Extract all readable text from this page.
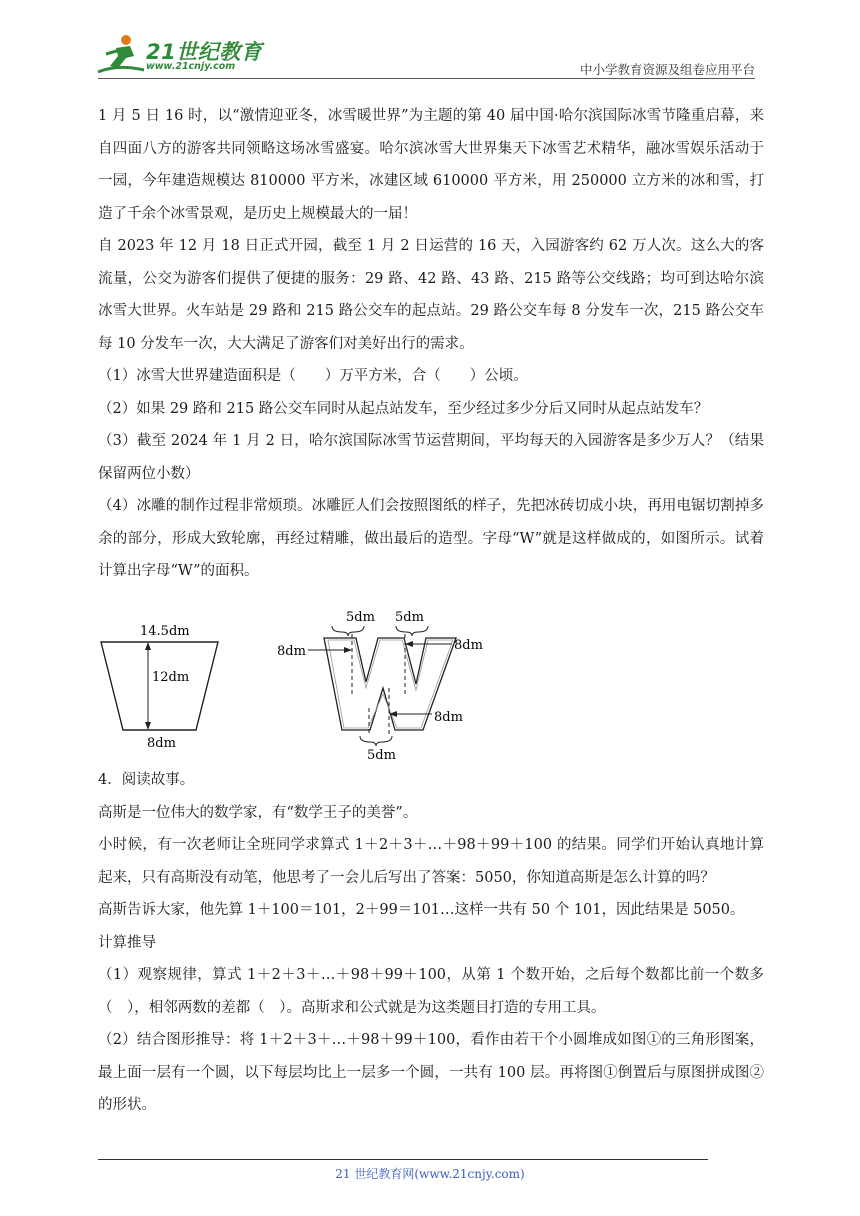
21世纪教育
www.21cnjy.com	中小学教育资源及组卷应用平台

1 月 5 日 16 时，以“激情迎亚冬，冰雪暖世界”为主题的第 40 届中国·哈尔滨国际冰雪节隆重启幕，来自四面八方的游客共同领略这场冰雪盛宴。哈尔滨冰雪大世界集天下冰雪艺术精华，融冰雪娱乐活动于一园，今年建造规模达 810000 平方米，冰建区域 610000 平方米，用 250000 立方米的冰和雪，打造了千余个冰雪景观，是历史上规模最大的一届！

自 2023 年 12 月 18 日正式开园，截至 1 月 2 日运营的 16 天，入园游客约 62 万人次。这么大的客流量，公交为游客们提供了便捷的服务：29 路、42 路、43 路、215 路等公交线路；均可到达哈尔滨冰雪大世界。火车站是 29 路和 215 路公交车的起点站。29 路公交车每 8 分发车一次，215 路公交车每 10 分发车一次，大大满足了游客们对美好出行的需求。

（1）冰雪大世界建造面积是（　　）万平方米，合（　　）公顷。

（2）如果 29 路和 215 路公交车同时从起点站发车，至少经过多少分后又同时从起点站发车？

（3）截至 2024 年 1 月 2 日，哈尔滨国际冰雪节运营期间，平均每天的入园游客是多少万人？（结果保留两位小数）

（4）冰雕的制作过程非常烦琐。冰雕匠人们会按照图纸的样子，先把冰砖切成小块，再用电锯切割掉多余的部分，形成大致轮廓，再经过精雕，做出最后的造型。字母“W”就是这样做成的，如图所示。试着计算出字母“W”的面积。

14.5dm
12dm
8dm
5dm 5dm
8dm	8dm
8dm
5dm

4．阅读故事。

高斯是一位伟大的数学家，有“数学王子的美誉”。

小时候，有一次老师让全班同学求算式 1＋2＋3＋…＋98＋99＋100 的结果。同学们开始认真地计算起来，只有高斯没有动笔，他思考了一会儿后写出了答案：5050，你知道高斯是怎么计算的吗？

高斯告诉大家，他先算 1＋100＝101，2＋99＝101…这样一共有 50 个 101，因此结果是 5050。

计算推导

（1）观察规律，算式 1＋2＋3＋…＋98＋99＋100，从第 1 个数开始，之后每个数都比前一个数多（　），相邻两数的差都（　）。高斯求和公式就是为这类题目打造的专用工具。

（2）结合图形推导：将 1＋2＋3＋…＋98＋99＋100，看作由若干个小圆堆成如图①的三角形图案，最上面一层有一个圆，以下每层均比上一层多一个圆，一共有 100 层。再将图①倒置后与原图拼成图②的形状。

21 世纪教育网(www.21cnjy.com)
